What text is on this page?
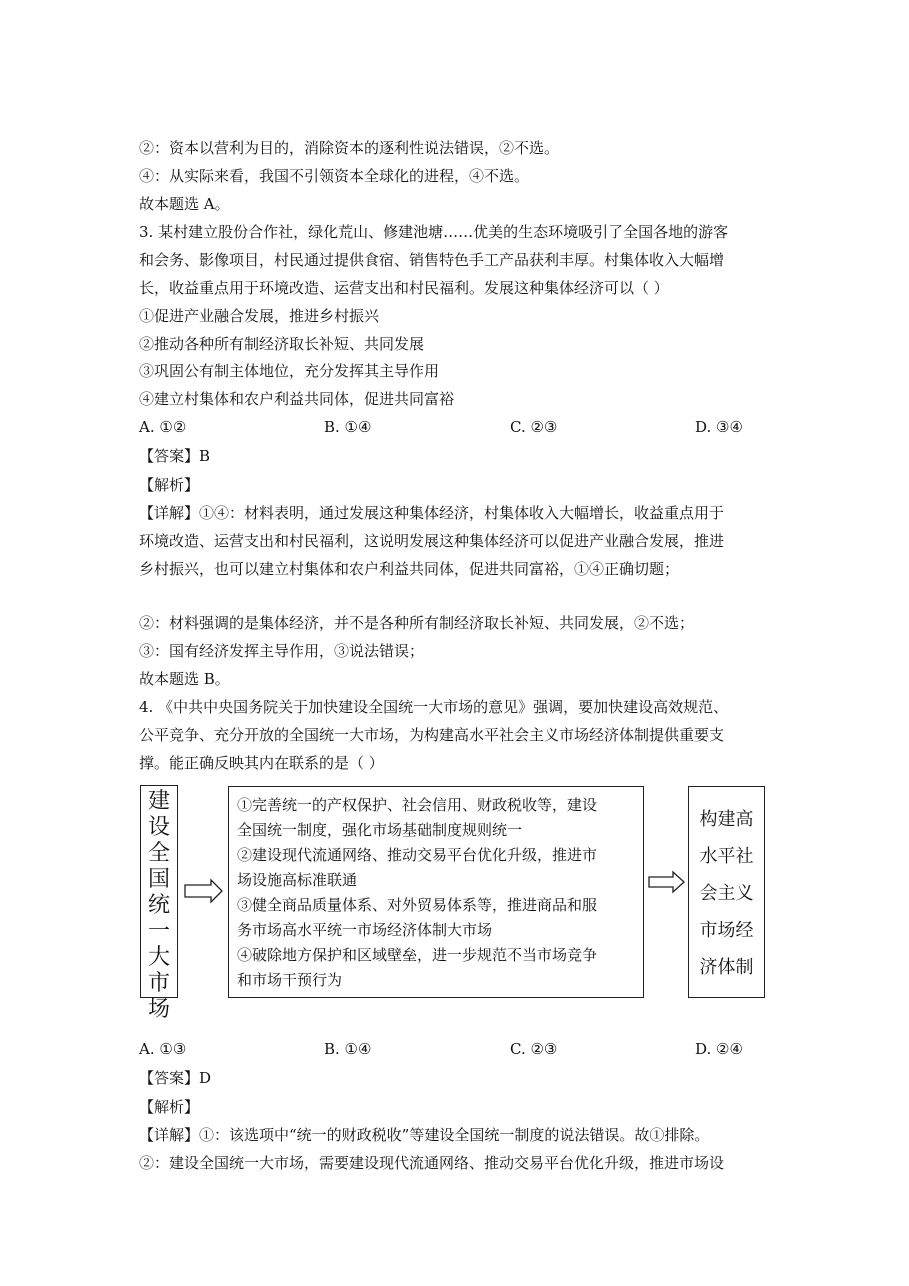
②：资本以营利为目的，消除资本的逐利性说法错误，②不选。
④：从实际来看，我国不引领资本全球化的进程，④不选。
故本题选 A。
3. 某村建立股份合作社，绿化荒山、修建池塘……优美的生态环境吸引了全国各地的游客
和会务、影像项目，村民通过提供食宿、销售特色手工产品获利丰厚。村集体收入大幅增
长，收益重点用于环境改造、运营支出和村民福利。发展这种集体经济可以（ ）
①促进产业融合发展，推进乡村振兴
②推动各种所有制经济取长补短、共同发展
③巩固公有制主体地位，充分发挥其主导作用
④建立村集体和农户利益共同体，促进共同富裕
A. ①②	B. ①④	C. ②③	D. ③④
【答案】B
【解析】
【详解】①④：材料表明，通过发展这种集体经济，村集体收入大幅增长，收益重点用于
环境改造、运营支出和村民福利，这说明发展这种集体经济可以促进产业融合发展，推进
乡村振兴，也可以建立村集体和农户利益共同体，促进共同富裕，①④正确切题；
②：材料强调的是集体经济，并不是各种所有制经济取长补短、共同发展，②不选；
③：国有经济发挥主导作用，③说法错误；
故本题选 B。
4. 《中共中央国务院关于加快建设全国统一大市场的意见》强调，要加快建设高效规范、
公平竞争、充分开放的全国统一大市场，为构建高水平社会主义市场经济体制提供重要支
撑。能正确反映其内在联系的是（ ）
建设全国统一大市场
①完善统一的产权保护、社会信用、财政税收等，建设
全国统一制度，强化市场基础制度规则统一
②建设现代流通网络、推动交易平台优化升级，推进市
场设施高标准联通
③健全商品质量体系、对外贸易体系等，推进商品和服
务市场高水平统一市场经济体制大市场
④破除地方保护和区域壁垒，进一步规范不当市场竞争
和市场干预行为
构建高
水平社
会主义
市场经
济体制
A. ①③	B. ①④	C. ②③	D. ②④
【答案】D
【解析】
【详解】①：该选项中“统一的财政税收”等建设全国统一制度的说法错误。故①排除。
②：建设全国统一大市场，需要建设现代流通网络、推动交易平台优化升级，推进市场设
